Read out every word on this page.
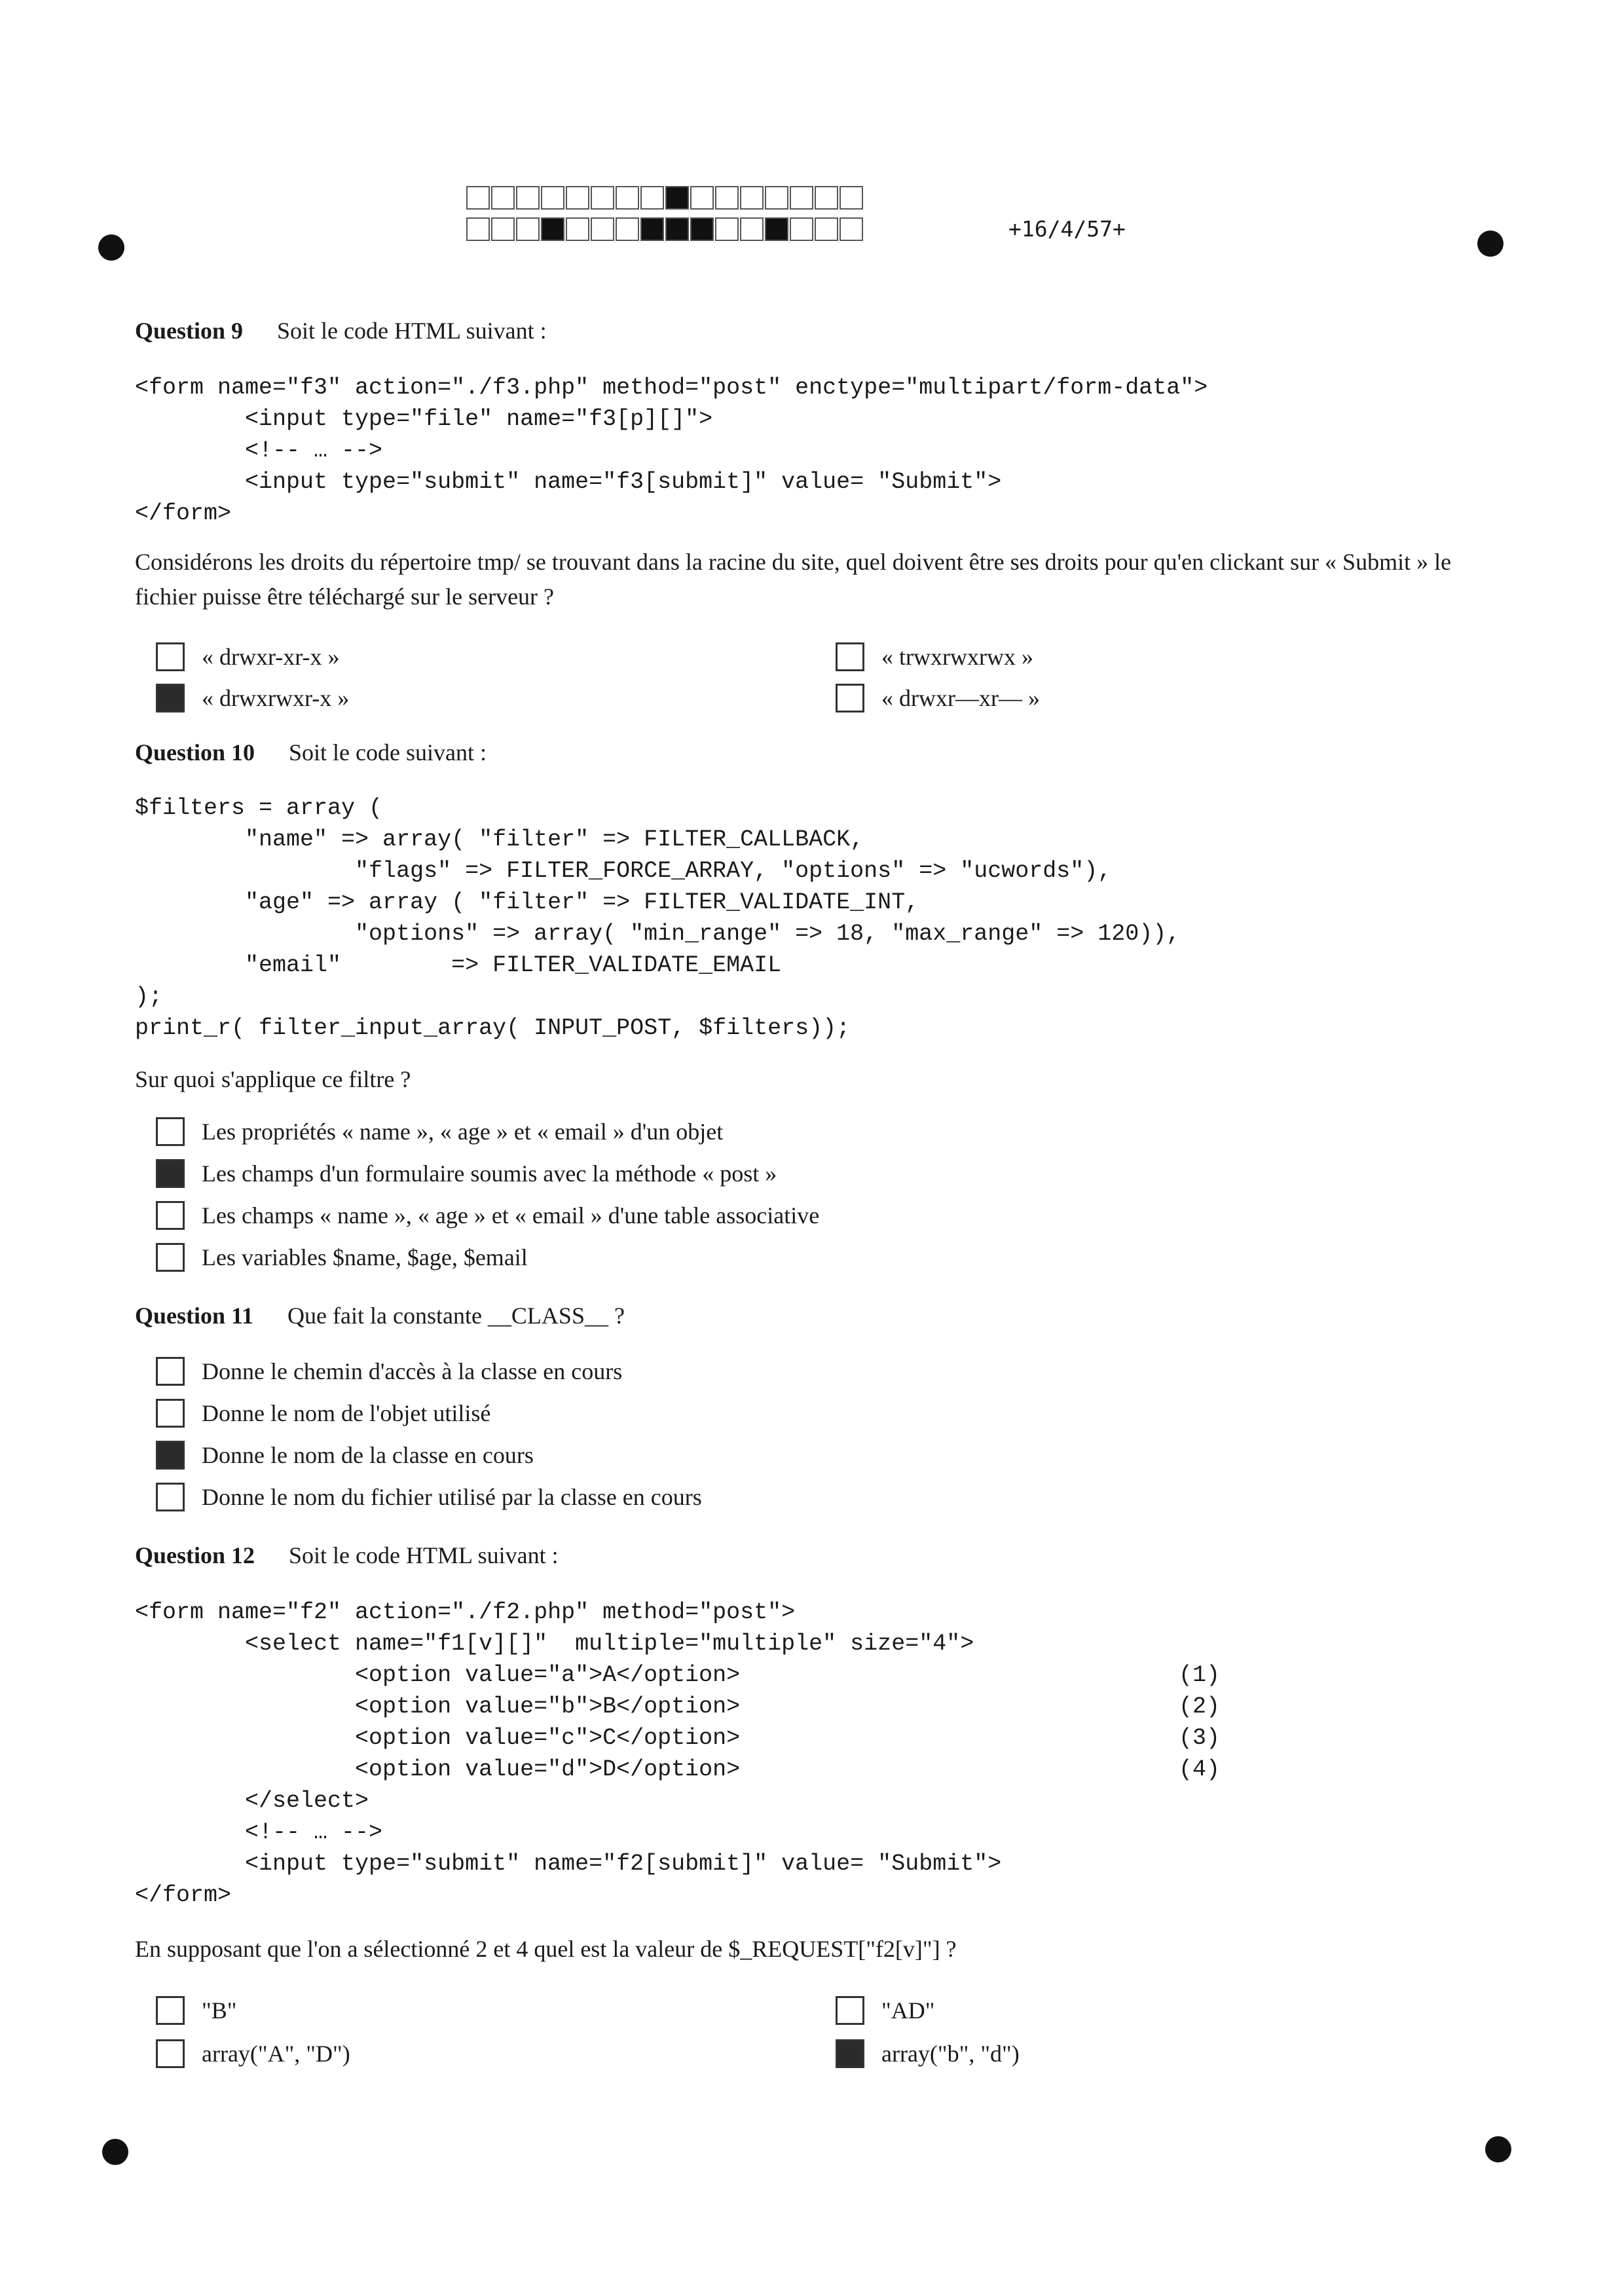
+16/4/57+
Question 9 Soit le code HTML suivant :
<form name="f3" action="./f3.php" method="post" enctype="multipart/form-data">
<input type="file" name="f3[p][]">
<!-- … -->
<input type="submit" name="f3[submit]" value= "Submit">
</form>
Considérons les droits du répertoire tmp/ se trouvant dans la racine du site, quel doivent être ses droits pour qu'en clickant sur « Submit » le fichier puisse être téléchargé sur le serveur ?
« drwxr-xr-x »
« drwxrwxr-x »
« trwxrwxrwx »
« drwxr—xr— »
Question 10 Soit le code suivant :
$filters = array (
"name" => array( "filter" => FILTER_CALLBACK,
"flags" => FILTER_FORCE_ARRAY, "options" => "ucwords"),
"age" => array ( "filter" => FILTER_VALIDATE_INT,
"options" => array( "min_range" => 18, "max_range" => 120)),
"email"        => FILTER_VALIDATE_EMAIL
);
print_r( filter_input_array( INPUT_POST, $filters));
Sur quoi s'applique ce filtre ?
Les propriétés « name », « age » et « email » d'un objet
Les champs d'un formulaire soumis avec la méthode « post »
Les champs « name », « age » et « email » d'une table associative
Les variables $name, $age, $email
Question 11 Que fait la constante __CLASS__ ?
Donne le chemin d'accès à la classe en cours
Donne le nom de l'objet utilisé
Donne le nom de la classe en cours
Donne le nom du fichier utilisé par la classe en cours
Question 12 Soit le code HTML suivant :
<form name="f2" action="./f2.php" method="post">
<select name="f1[v][]"  multiple="multiple" size="4">
<option value="a">A</option>
<option value="b">B</option>
<option value="c">C</option>
<option value="d">D</option>
</select>
<!-- … -->
<input type="submit" name="f2[submit]" value= "Submit">
</form>
(1)
(2)
(3)
(4)
En supposant que l'on a sélectionné 2 et 4 quel est la valeur de $_REQUEST["f2[v]"] ?
"B"
array("A", "D")
"AD"
array("b", "d")
